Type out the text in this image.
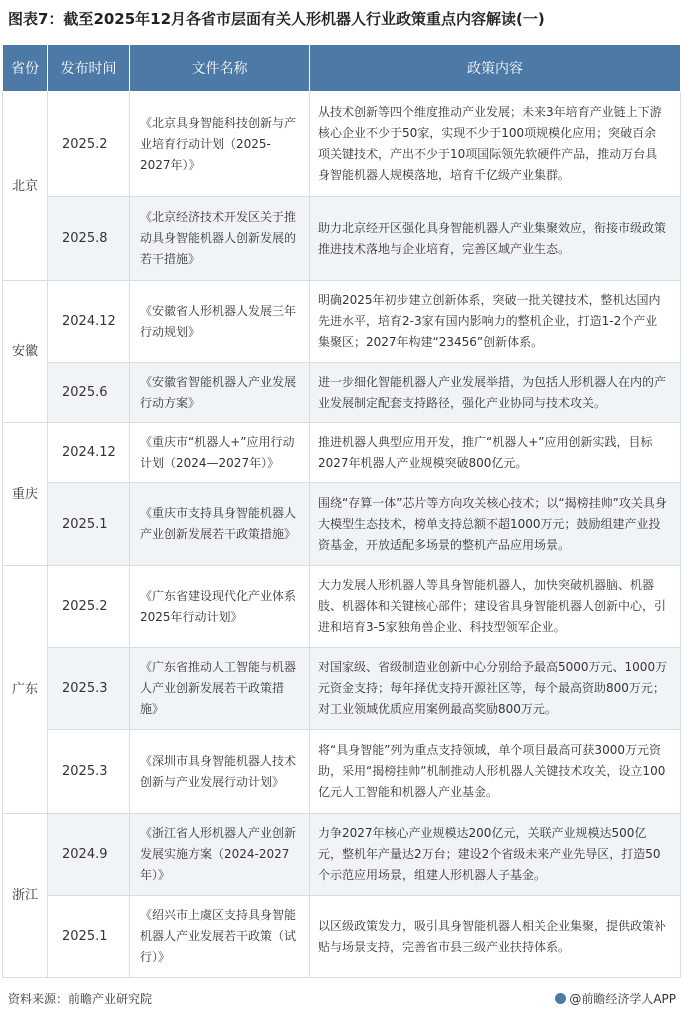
图表7：截至2025年12月各省市层面有关人形机器人行业政策重点内容解读(一)
省份	发布时间	文件名称	政策内容
北京	2025.2	《北京具身智能科技创新与产业培育行动计划（2025-2027年）》	从技术创新等四个维度推动产业发展；未来3年培育产业链上下游核心企业不少于50家，实现不少于100项规模化应用；突破百余项关键技术，产出不少于10项国际领先软硬件产品，推动万台具身智能机器人规模落地，培育千亿级产业集群。
	2025.8	《北京经济技术开发区关于推动具身智能机器人创新发展的若干措施》	助力北京经开区强化具身智能机器人产业集聚效应，衔接市级政策推进技术落地与企业培育，完善区域产业生态。
安徽	2024.12	《安徽省人形机器人发展三年行动规划》	明确2025年初步建立创新体系，突破一批关键技术，整机达国内先进水平，培育2-3家有国内影响力的整机企业，打造1-2个产业集聚区；2027年构建“23456”创新体系。
	2025.6	《安徽省智能机器人产业发展行动方案》	进一步细化智能机器人产业发展举措，为包括人形机器人在内的产业发展制定配套支持路径，强化产业协同与技术攻关。
重庆	2024.12	《重庆市“机器人+”应用行动计划（2024—2027年）》	推进机器人典型应用开发，推广“机器人+”应用创新实践，目标2027年机器人产业规模突破800亿元。
	2025.1	《重庆市支持具身智能机器人产业创新发展若干政策措施》	围绕“存算一体”芯片等方向攻关核心技术；以“揭榜挂帅”攻关具身大模型生态技术，榜单支持总额不超1000万元；鼓励组建产业投资基金，开放适配多场景的整机产品应用场景。
广东	2025.2	《广东省建设现代化产业体系2025年行动计划》	大力发展人形机器人等具身智能机器人，加快突破机器脑、机器肢、机器体和关键核心部件；建设省具身智能机器人创新中心，引进和培育3-5家独角兽企业、科技型领军企业。
	2025.3	《广东省推动人工智能与机器人产业创新发展若干政策措施》	对国家级、省级制造业创新中心分别给予最高5000万元、1000万元资金支持；每年择优支持开源社区等，每个最高资助800万元；对工业领域优质应用案例最高奖励800万元。
	2025.3	《深圳市具身智能机器人技术创新与产业发展行动计划》	将“具身智能”列为重点支持领域，单个项目最高可获3000万元资助，采用“揭榜挂帅”机制推动人形机器人关键技术攻关，设立100亿元人工智能和机器人产业基金。
浙江	2024.9	《浙江省人形机器人产业创新发展实施方案（2024-2027年）》	力争2027年核心产业规模达200亿元，关联产业规模达500亿元，整机年产量达2万台；建设2个省级未来产业先导区，打造50个示范应用场景，组建人形机器人子基金。
	2025.1	《绍兴市上虞区支持具身智能机器人产业发展若干政策（试行）》	以区级政策发力，吸引具身智能机器人相关企业集聚，提供政策补贴与场景支持，完善省市县三级产业扶持体系。
资料来源：前瞻产业研究院	@前瞻经济学人APP
